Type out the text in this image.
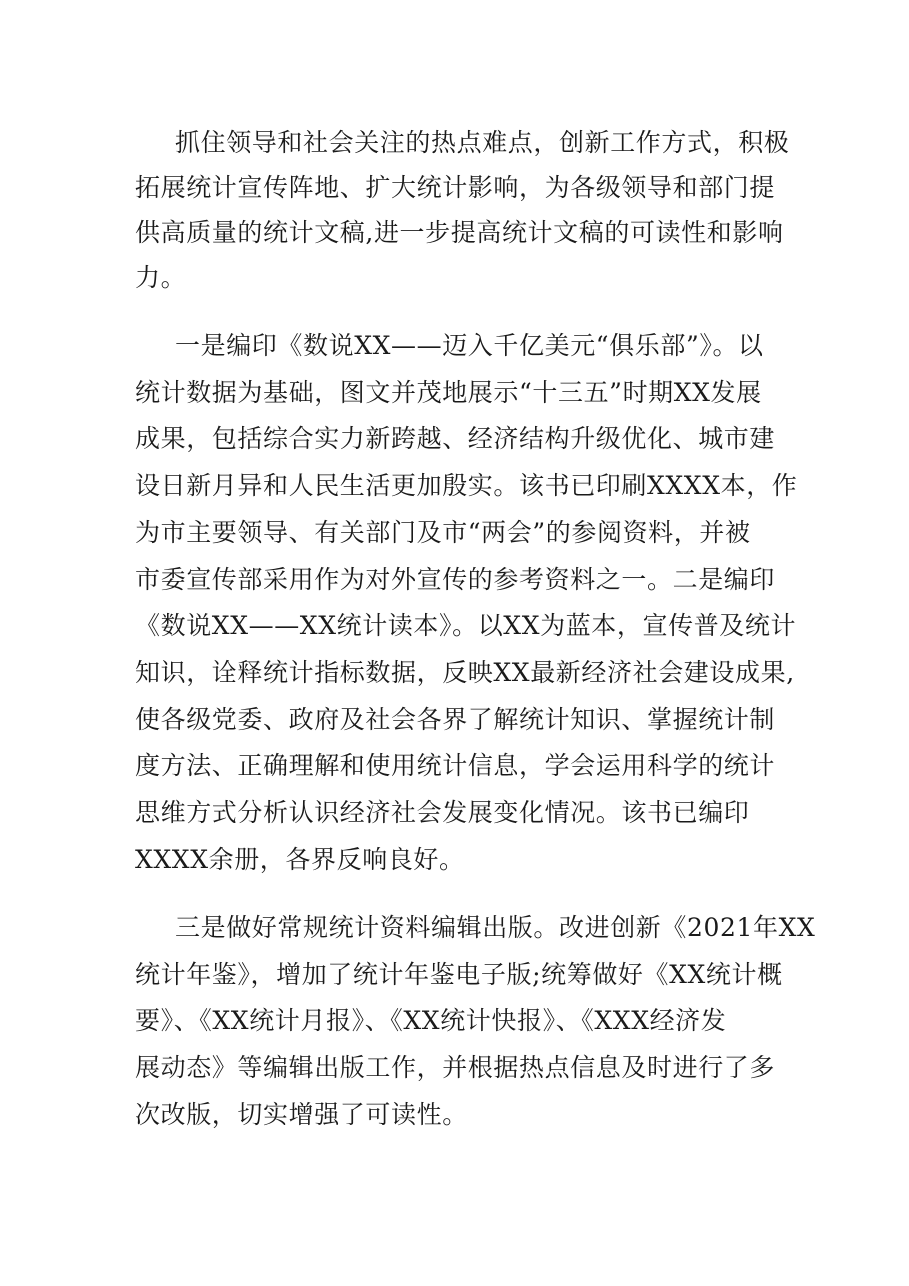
抓住领导和社会关注的热点难点，创新工作方式，积极
拓展统计宣传阵地、扩大统计影响，为各级领导和部门提
供高质量的统计文稿,进一步提高统计文稿的可读性和影响
力。
一是编印《数说XX——迈入千亿美元“俱乐部”》。以
统计数据为基础，图文并茂地展示“十三五”时期XX发展
成果，包括综合实力新跨越、经济结构升级优化、城市建
设日新月异和人民生活更加殷实。该书已印刷XXXX本，作
为市主要领导、有关部门及市“两会”的参阅资料，并被
市委宣传部采用作为对外宣传的参考资料之一。二是编印
《数说XX——XX统计读本》。以XX为蓝本，宣传普及统计
知识，诠释统计指标数据，反映XX最新经济社会建设成果,
使各级党委、政府及社会各界了解统计知识、掌握统计制
度方法、正确理解和使用统计信息，学会运用科学的统计
思维方式分析认识经济社会发展变化情况。该书已编印
XXXX余册，各界反响良好。
三是做好常规统计资料编辑出版。改进创新《2021年XX
统计年鉴》，增加了统计年鉴电子版;统筹做好《XX统计概
要》、《XX统计月报》、《XX统计快报》、《XXX经济发
展动态》等编辑出版工作，并根据热点信息及时进行了多
次改版，切实增强了可读性。
